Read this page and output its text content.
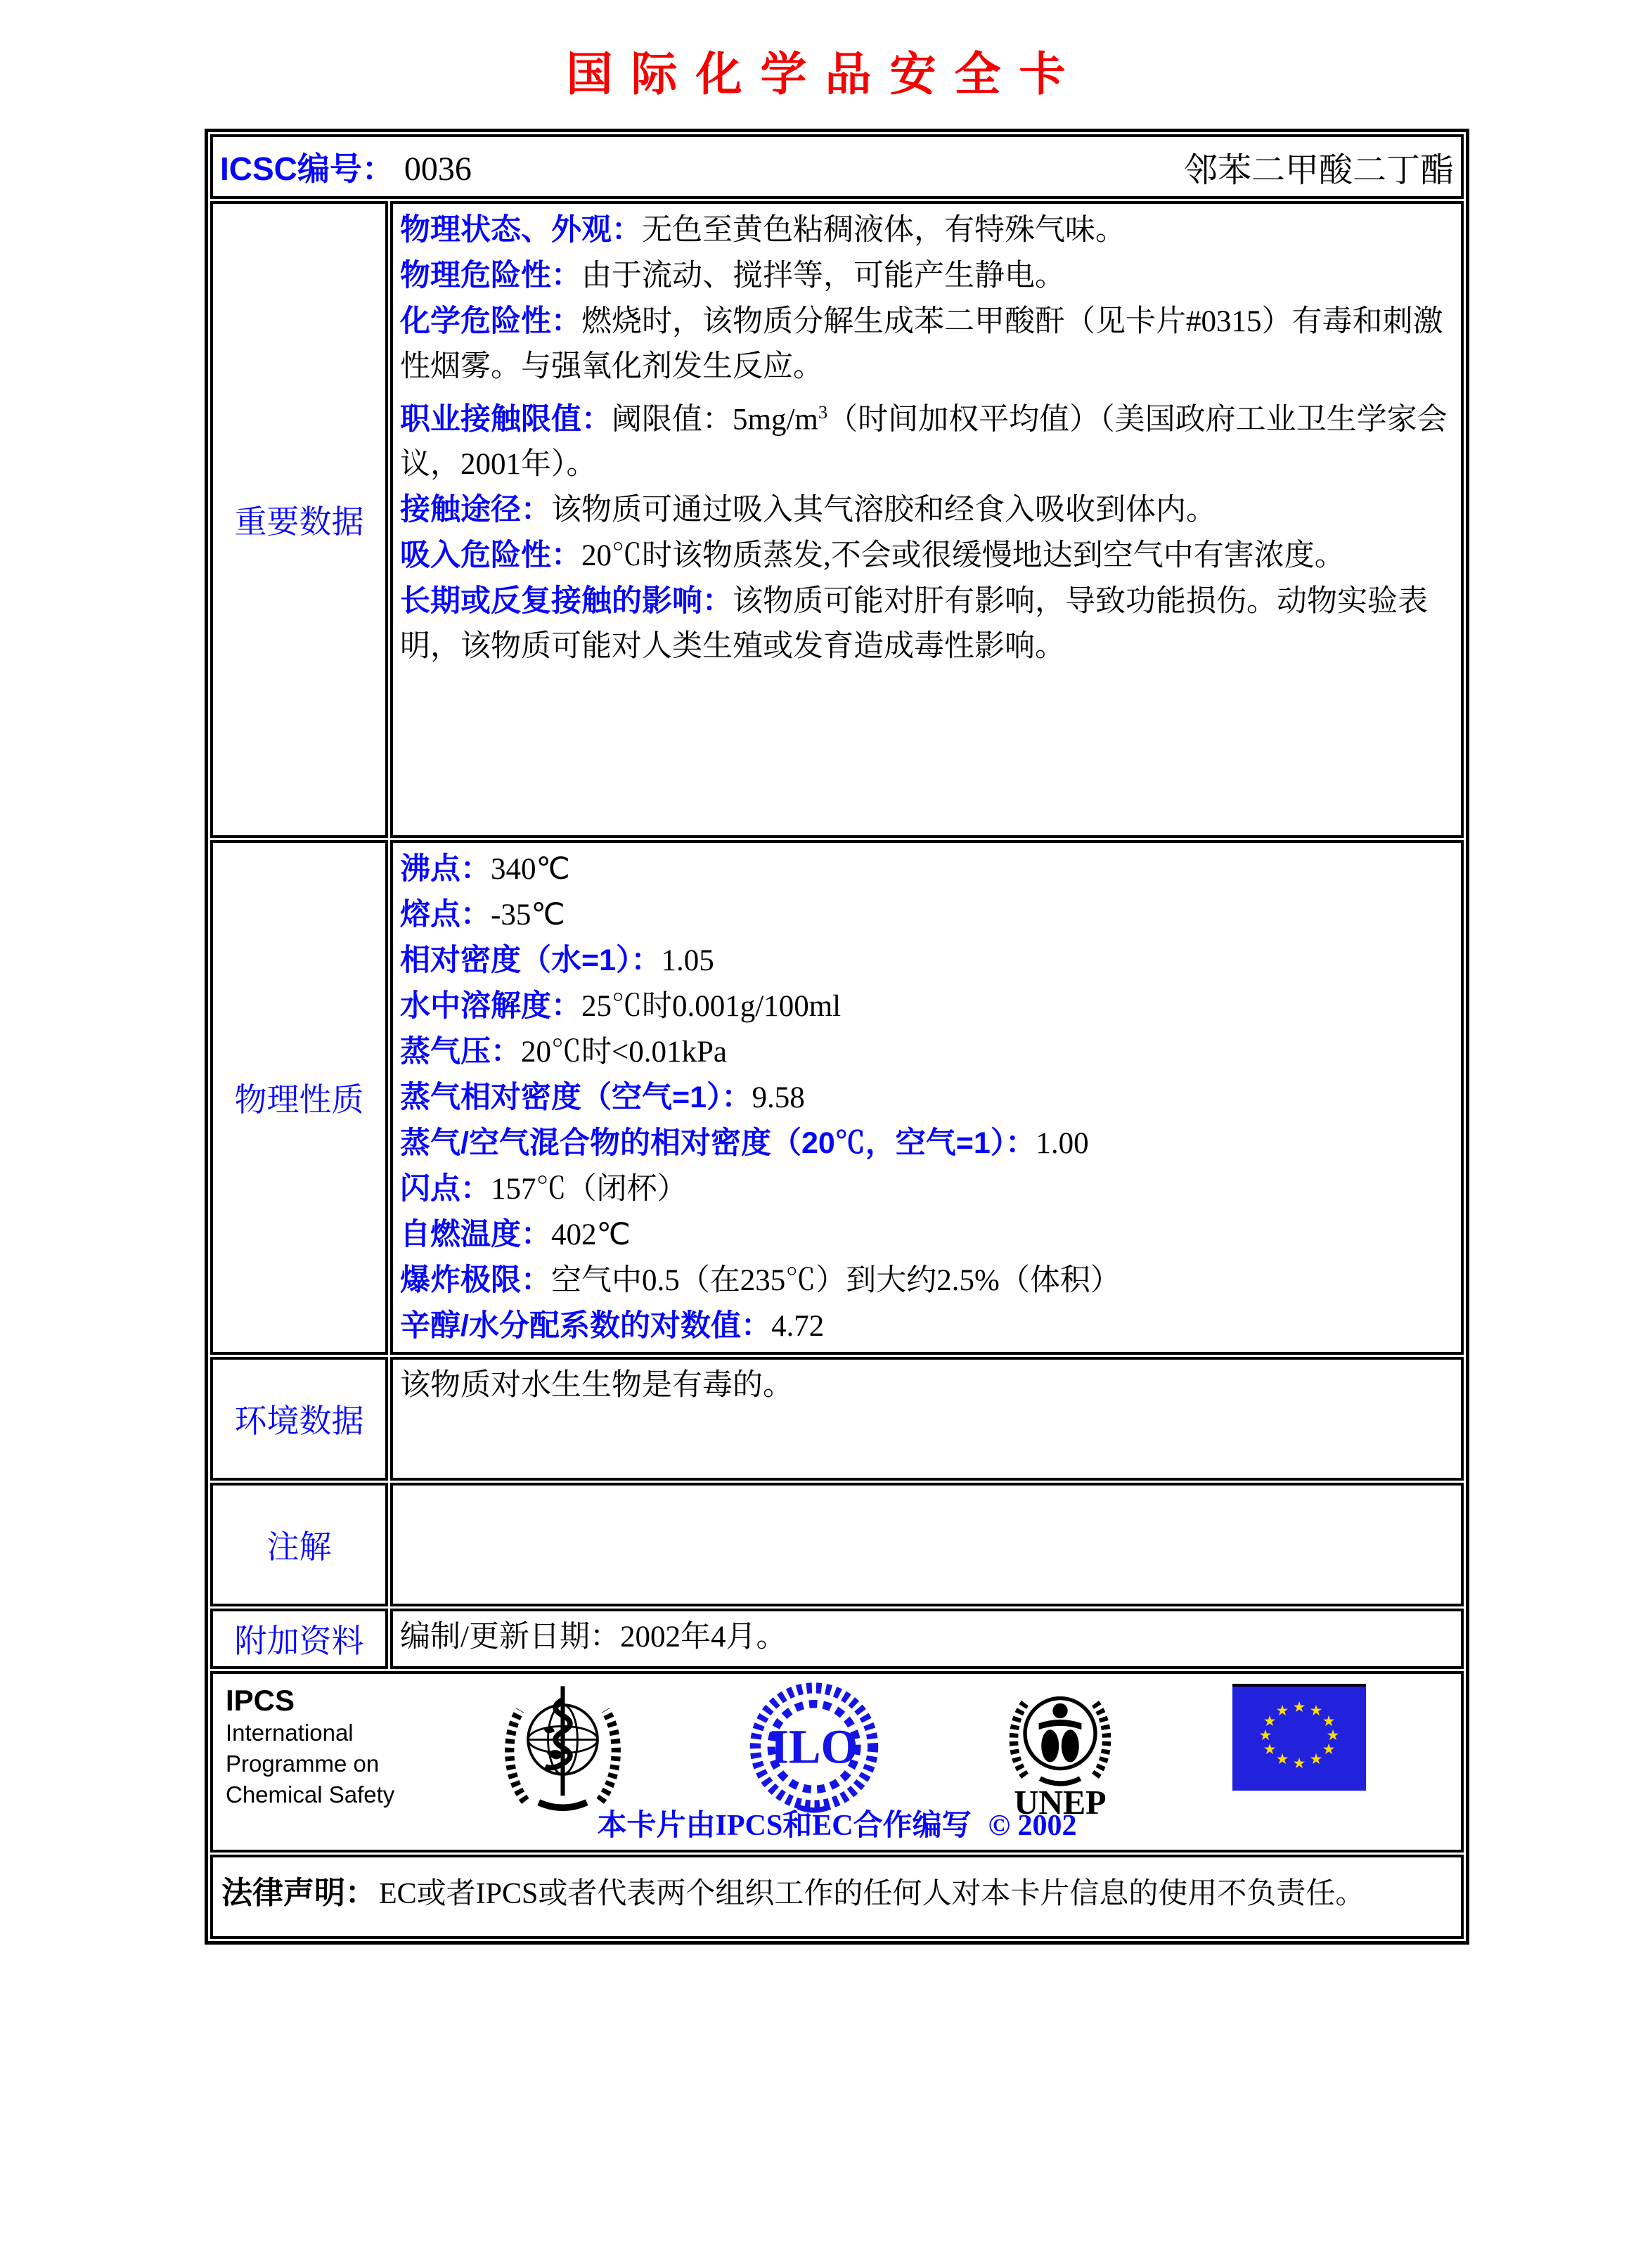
国际化学品安全卡
ICSC编号： 0036	邻苯二甲酸二丁酯
重要数据
物理状态、外观：无色至黄色粘稠液体，有特殊气味。
物理危险性：由于流动、搅拌等，可能产生静电。
化学危险性：燃烧时，该物质分解生成苯二甲酸酐（见卡片#0315）有毒和刺激性烟雾。与强氧化剂发生反应。
职业接触限值：阈限值：$5mg/m^3$（时间加权平均值）（美国政府工业卫生学家会议，2001年）。
接触途径：该物质可通过吸入其气溶胶和经食入吸收到体内。
吸入危险性：20℃时该物质蒸发,不会或很缓慢地达到空气中有害浓度。
长期或反复接触的影响：该物质可能对肝有影响，导致功能损伤。动物实验表明，该物质可能对人类生殖或发育造成毒性影响。
物理性质
沸点：340℃
熔点：-35℃
相对密度（水=1）：1.05
水中溶解度：25℃时0.001g/100ml
蒸气压：20℃时<0.01kPa
蒸气相对密度（空气=1）：9.58
蒸气/空气混合物的相对密度（20℃，空气=1）：1.00
闪点：157℃（闭杯）
自燃温度：402℃
爆炸极限：空气中0.5（在235℃）到大约2.5%（体积）
辛醇/水分配系数的对数值：4.72
环境数据
该物质对水生生物是有毒的。
注解
附加资料	编制/更新日期：2002年4月。
IPCS
International
Programme on
Chemical Safety
ILO
UNEP
★ ★
★
★
★
★
★
★
★
★
★
★
本卡片由IPCS和EC合作编写 © 2002
法律声明： EC或者IPCS或者代表两个组织工作的任何人对本卡片信息的使用不负责任。
